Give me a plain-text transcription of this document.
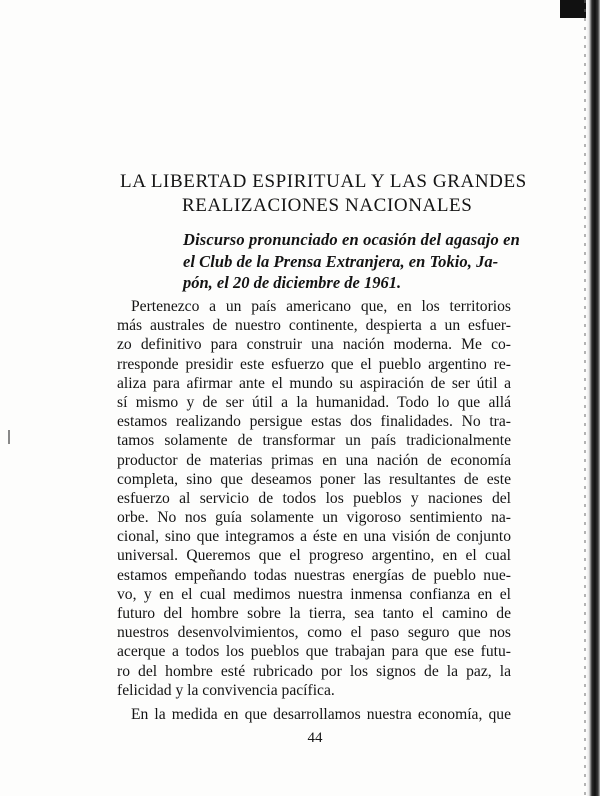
LA LIBERTAD ESPIRITUAL Y LAS GRANDES
REALIZACIONES NACIONALES
Discurso pronunciado en ocasión del agasajo en
el Club de la Prensa Extranjera, en Tokio, Ja-
pón, el 20 de diciembre de 1961.
Pertenezco a un país americano que, en los territorios
más australes de nuestro continente, despierta a un esfuer-
zo definitivo para construir una nación moderna. Me co-
rresponde presidir este esfuerzo que el pueblo argentino re-
aliza para afirmar ante el mundo su aspiración de ser útil a
sí mismo y de ser útil a la humanidad. Todo lo que allá
estamos realizando persigue estas dos finalidades. No tra-
tamos solamente de transformar un país tradicionalmente
productor de materias primas en una nación de economía
completa, sino que deseamos poner las resultantes de este
esfuerzo al servicio de todos los pueblos y naciones del
orbe. No nos guía solamente un vigoroso sentimiento na-
cional, sino que integramos a éste en una visión de conjunto
universal. Queremos que el progreso argentino, en el cual
estamos empeñando todas nuestras energías de pueblo nue-
vo, y en el cual medimos nuestra inmensa confianza en el
futuro del hombre sobre la tierra, sea tanto el camino de
nuestros desenvolvimientos, como el paso seguro que nos
acerque a todos los pueblos que trabajan para que ese futu-
ro del hombre esté rubricado por los signos de la paz, la
felicidad y la convivencia pacífica.
En la medida en que desarrollamos nuestra economía, que
44
